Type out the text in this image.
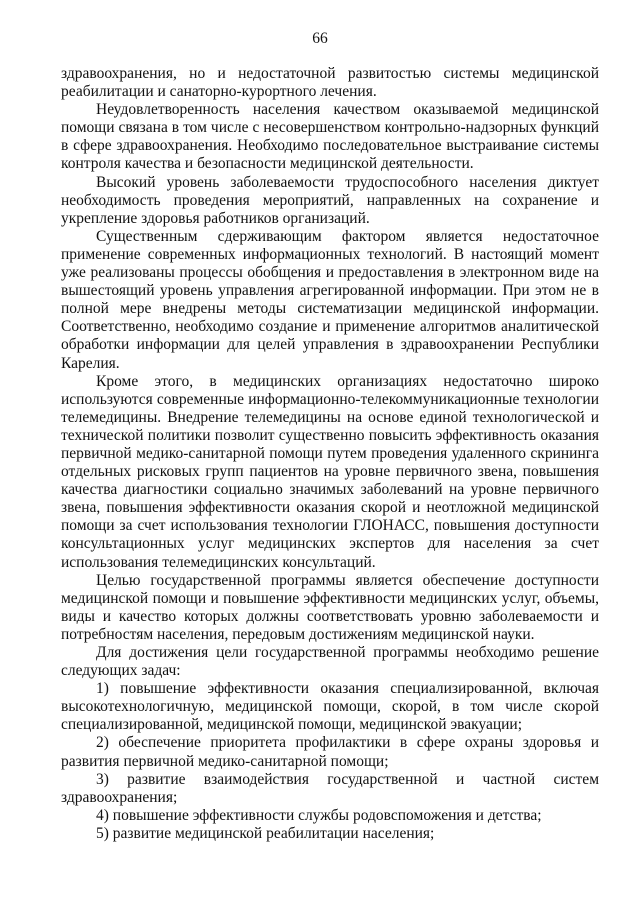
66

здравоохранения, но и недостаточной развитостью системы медицинской реабилитации и санаторно-курортного лечения.

Неудовлетворенность населения качеством оказываемой медицинской помощи связана в том числе с несовершенством контрольно-надзорных функций в сфере здравоохранения. Необходимо последовательное выстраивание системы контроля качества и безопасности медицинской деятельности.

Высокий уровень заболеваемости трудоспособного населения диктует необходимость проведения мероприятий, направленных на сохранение и укрепление здоровья работников организаций.

Существенным сдерживающим фактором является недостаточное применение современных информационных технологий. В настоящий момент уже реализованы процессы обобщения и предоставления в электронном виде на вышестоящий уровень управления агрегированной информации. При этом не в полной мере внедрены методы систематизации медицинской информации. Соответственно, необходимо создание и применение алгоритмов аналитической обработки информации для целей управления в здравоохранении Республики Карелия.

Кроме этого, в медицинских организациях недостаточно широко используются современные информационно-телекоммуникационные технологии телемедицины. Внедрение телемедицины на основе единой технологической и технической политики позволит существенно повысить эффективность оказания первичной медико-санитарной помощи путем проведения удаленного скрининга отдельных рисковых групп пациентов на уровне первичного звена, повышения качества диагностики социально значимых заболеваний на уровне первичного звена, повышения эффективности оказания скорой и неотложной медицинской помощи за счет использования технологии ГЛОНАСС, повышения доступности консультационных услуг медицинских экспертов для населения за счет использования телемедицинских консультаций.

Целью государственной программы является обеспечение доступности медицинской помощи и повышение эффективности медицинских услуг, объемы, виды и качество которых должны соответствовать уровню заболеваемости и потребностям населения, передовым достижениям медицинской науки.

Для достижения цели государственной программы необходимо решение следующих задач:

1) повышение эффективности оказания специализированной, включая высокотехнологичную, медицинской помощи, скорой, в том числе скорой специализированной, медицинской помощи, медицинской эвакуации;

2) обеспечение приоритета профилактики в сфере охраны здоровья и развития первичной медико-санитарной помощи;

3) развитие взаимодействия государственной и частной систем здравоохранения;

4) повышение эффективности службы родовспоможения и детства;

5) развитие медицинской реабилитации населения;
